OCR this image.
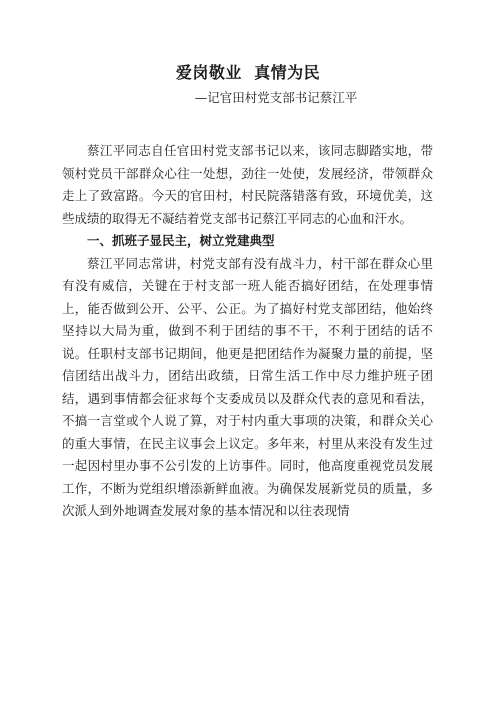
爱岗敬业  真情为民
—记官田村党支部书记蔡江平

蔡江平同志自任官田村党支部书记以来，该同志脚踏实地，带领村党员干部群众心往一处想，劲往一处使，发展经济，带领群众走上了致富路。今天的官田村，村民院落错落有致，环境优美，这些成绩的取得无不凝结着党支部书记蔡江平同志的心血和汗水。

一、抓班子显民主，树立党建典型

蔡江平同志常讲，村党支部有没有战斗力，村干部在群众心里有没有威信，关键在于村支部一班人能否搞好团结，在处理事情上，能否做到公开、公平、公正。为了搞好村党支部团结，他始终坚持以大局为重，做到不利于团结的事不干，不利于团结的话不说。任职村支部书记期间，他更是把团结作为凝聚力量的前提，坚信团结出战斗力，团结出政绩，日常生活工作中尽力维护班子团结，遇到事情都会征求每个支委成员以及群众代表的意见和看法，不搞一言堂或个人说了算，对于村内重大事项的决策，和群众关心的重大事情，在民主议事会上议定。多年来，村里从来没有发生过一起因村里办事不公引发的上访事件。同时，他高度重视党员发展工作，不断为党组织增添新鲜血液。为确保发展新党员的质量，多次派人到外地调查发展对象的基本情况和以往表现情
